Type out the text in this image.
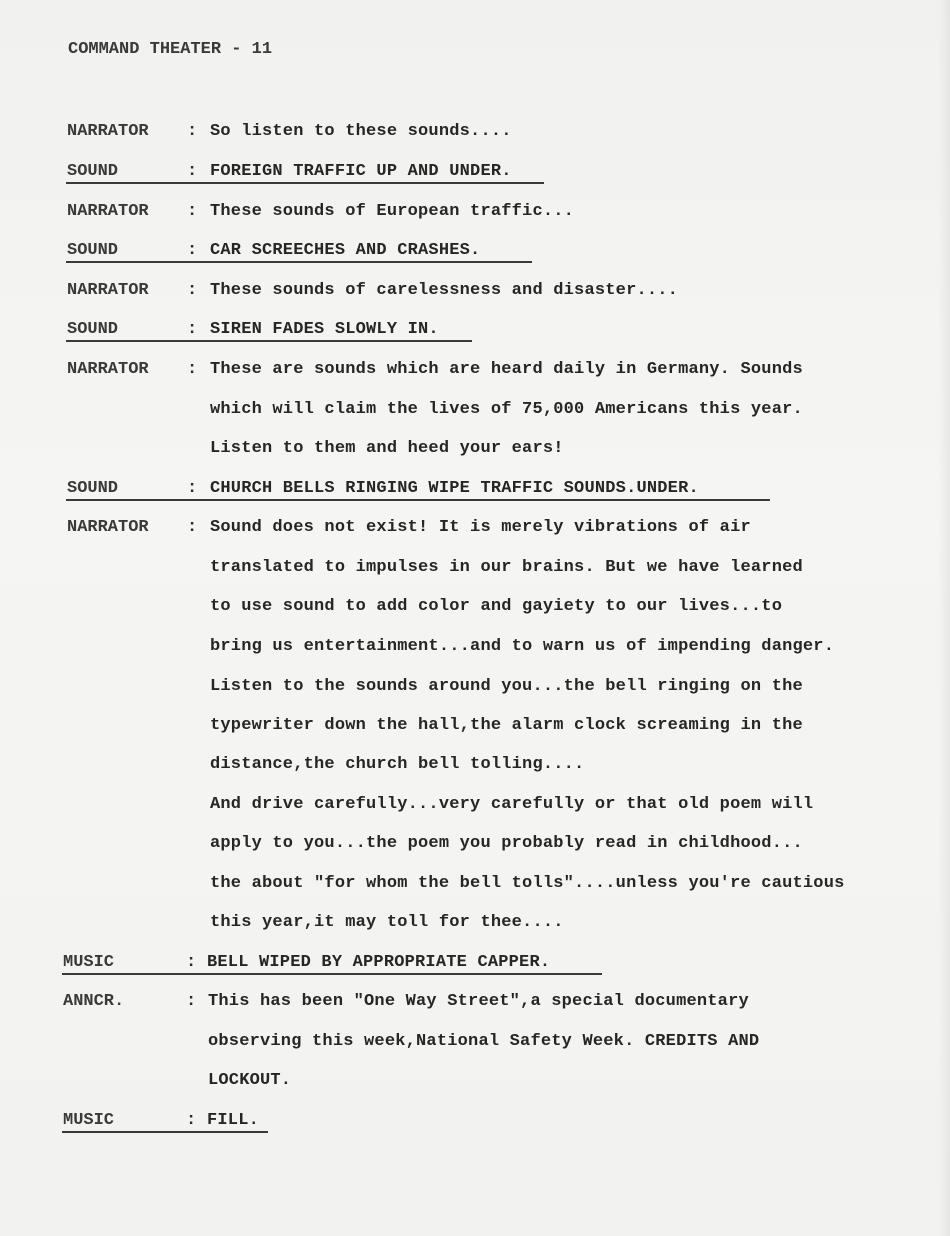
COMMAND THEATER - 11
NARRATOR : So listen to these sounds....
SOUND	: FOREIGN TRAFFIC UP AND UNDER.
NARRATOR : These sounds of European traffic...
SOUND	: CAR SCREECHES AND CRASHES.
NARRATOR : These sounds of carelessness and disaster....
SOUND	: SIREN FADES SLOWLY IN.
NARRATOR : These are sounds which are heard daily in Germany. Sounds
which will claim the lives of 75,000 Americans this year.
Listen to them and heed your ears!
SOUND	: CHURCH BELLS RINGING WIPE TRAFFIC SOUNDS.UNDER.
NARRATOR : Sound does not exist! It is merely vibrations of air
translated to impulses in our brains. But we have learned
to use sound to add color and gayiety to our lives...to
bring us entertainment...and to warn us of impending danger.
Listen to the sounds around you...the bell ringing on the
typewriter down the hall,the alarm clock screaming in the
distance,the church bell tolling....
And drive carefully...very carefully or that old poem will
apply to you...the poem you probably read in childhood...
the about "for whom the bell tolls"....unless you're cautious
this year,it may toll for thee....
MUSIC	: BELL WIPED BY APPROPRIATE CAPPER.
ANNCR.	: This has been "One Way Street",a special documentary
observing this week,National Safety Week. CREDITS AND
LOCKOUT.
MUSIC	: FILL.
